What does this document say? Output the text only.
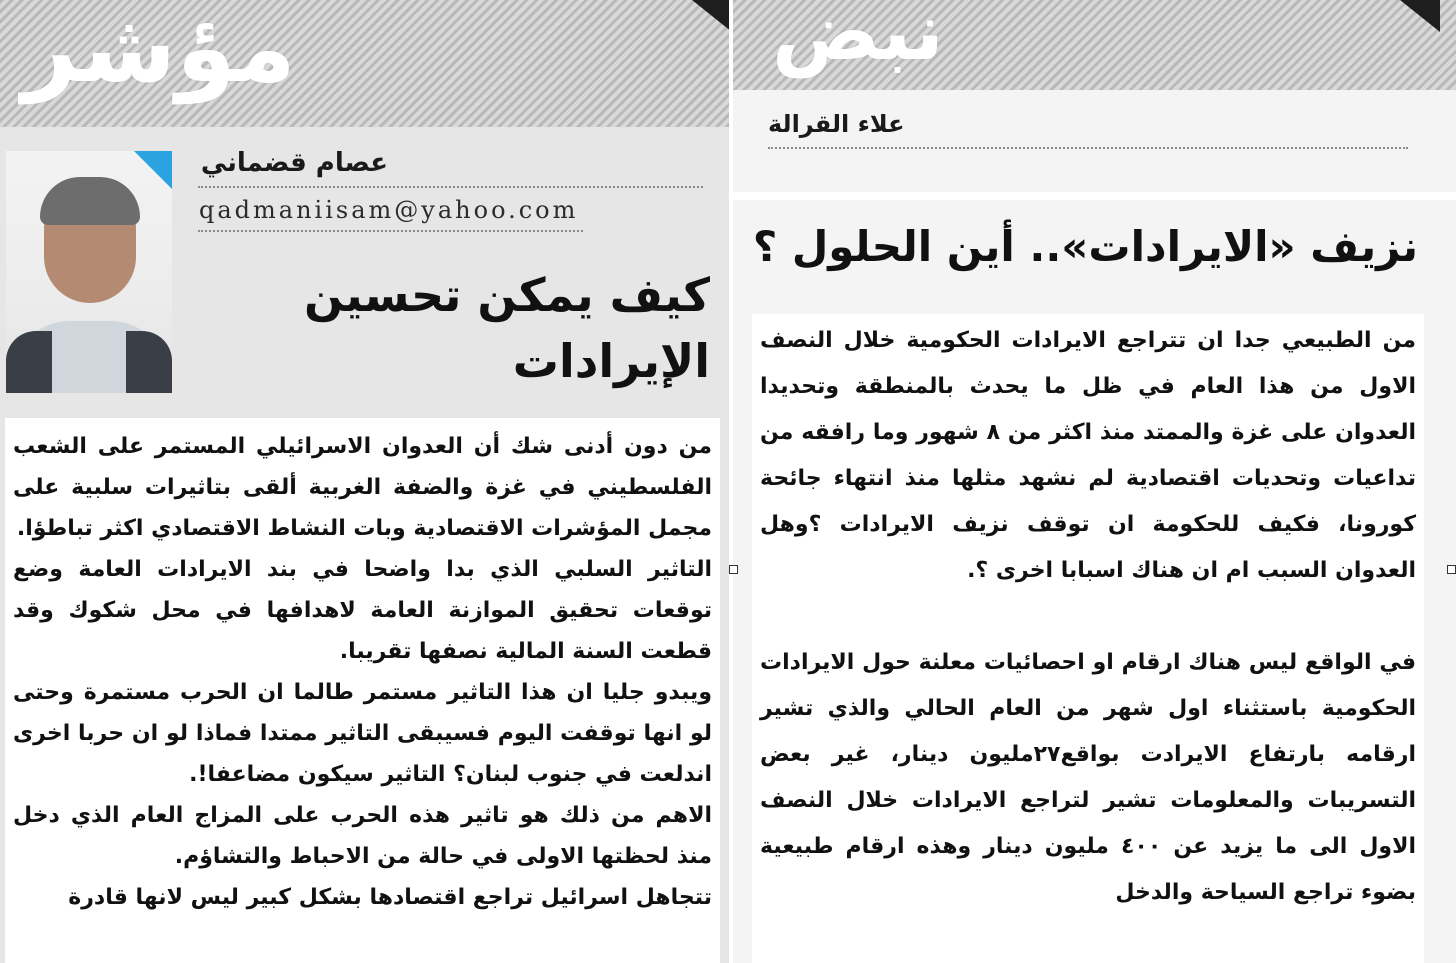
مؤشر
عصام قضماني
qadmaniisam@yahoo.com
كيف يمكن تحسين الإيرادات

من دون أدنى شك أن العدوان الاسرائيلي المستمر على الشعب الفلسطيني في غزة والضفة الغربية ألقى بتاثيرات سلبية على مجمل المؤشرات الاقتصادية وبات النشاط الاقتصادي اكثر تباطؤا.

التاثير السلبي الذي بدا واضحا في بند الايرادات العامة وضع توقعات تحقيق الموازنة العامة لاهدافها في محل شكوك وقد قطعت السنة المالية نصفها تقريبا.

ويبدو جليا ان هذا التاثير مستمر طالما ان الحرب مستمرة وحتى لو انها توقفت اليوم فسيبقى التاثير ممتدا فماذا لو ان حربا اخرى اندلعت في جنوب لبنان؟ التاثير سيكون مضاعفا!.

الاهم من ذلك هو تاثير هذه الحرب على المزاج العام الذي دخل منذ لحظتها الاولى في حالة من الاحباط والتشاؤم.

تتجاهل اسرائيل تراجع اقتصادها بشكل كبير ليس لانها قادرة

نبض
علاء القرالة
نزيف «الايرادات».. أين الحلول ؟

من الطبيعي جدا ان تتراجع الايرادات الحكومية خلال النصف الاول من هذا العام في ظل ما يحدث بالمنطقة وتحديدا العدوان على غزة والممتد منذ اكثر من ٨ شهور وما رافقه من تداعيات وتحديات اقتصادية لم نشهد مثلها منذ انتهاء جائحة كورونا، فكيف للحكومة ان توقف نزيف الايرادات ؟وهل العدوان السبب ام ان هناك اسبابا اخرى ؟.

في الواقع ليس هناك ارقام او احصائيات معلنة حول الايرادات الحكومية باستثناء اول شهر من العام الحالي والذي تشير ارقامه بارتفاع الايرادت بواقع٢٧مليون دينار، غير بعض التسريبات والمعلومات تشير لتراجع الايرادات خلال النصف الاول الى ما يزيد عن ٤٠٠ مليون دينار وهذه ارقام طبيعية بضوء تراجع السياحة والدخل
